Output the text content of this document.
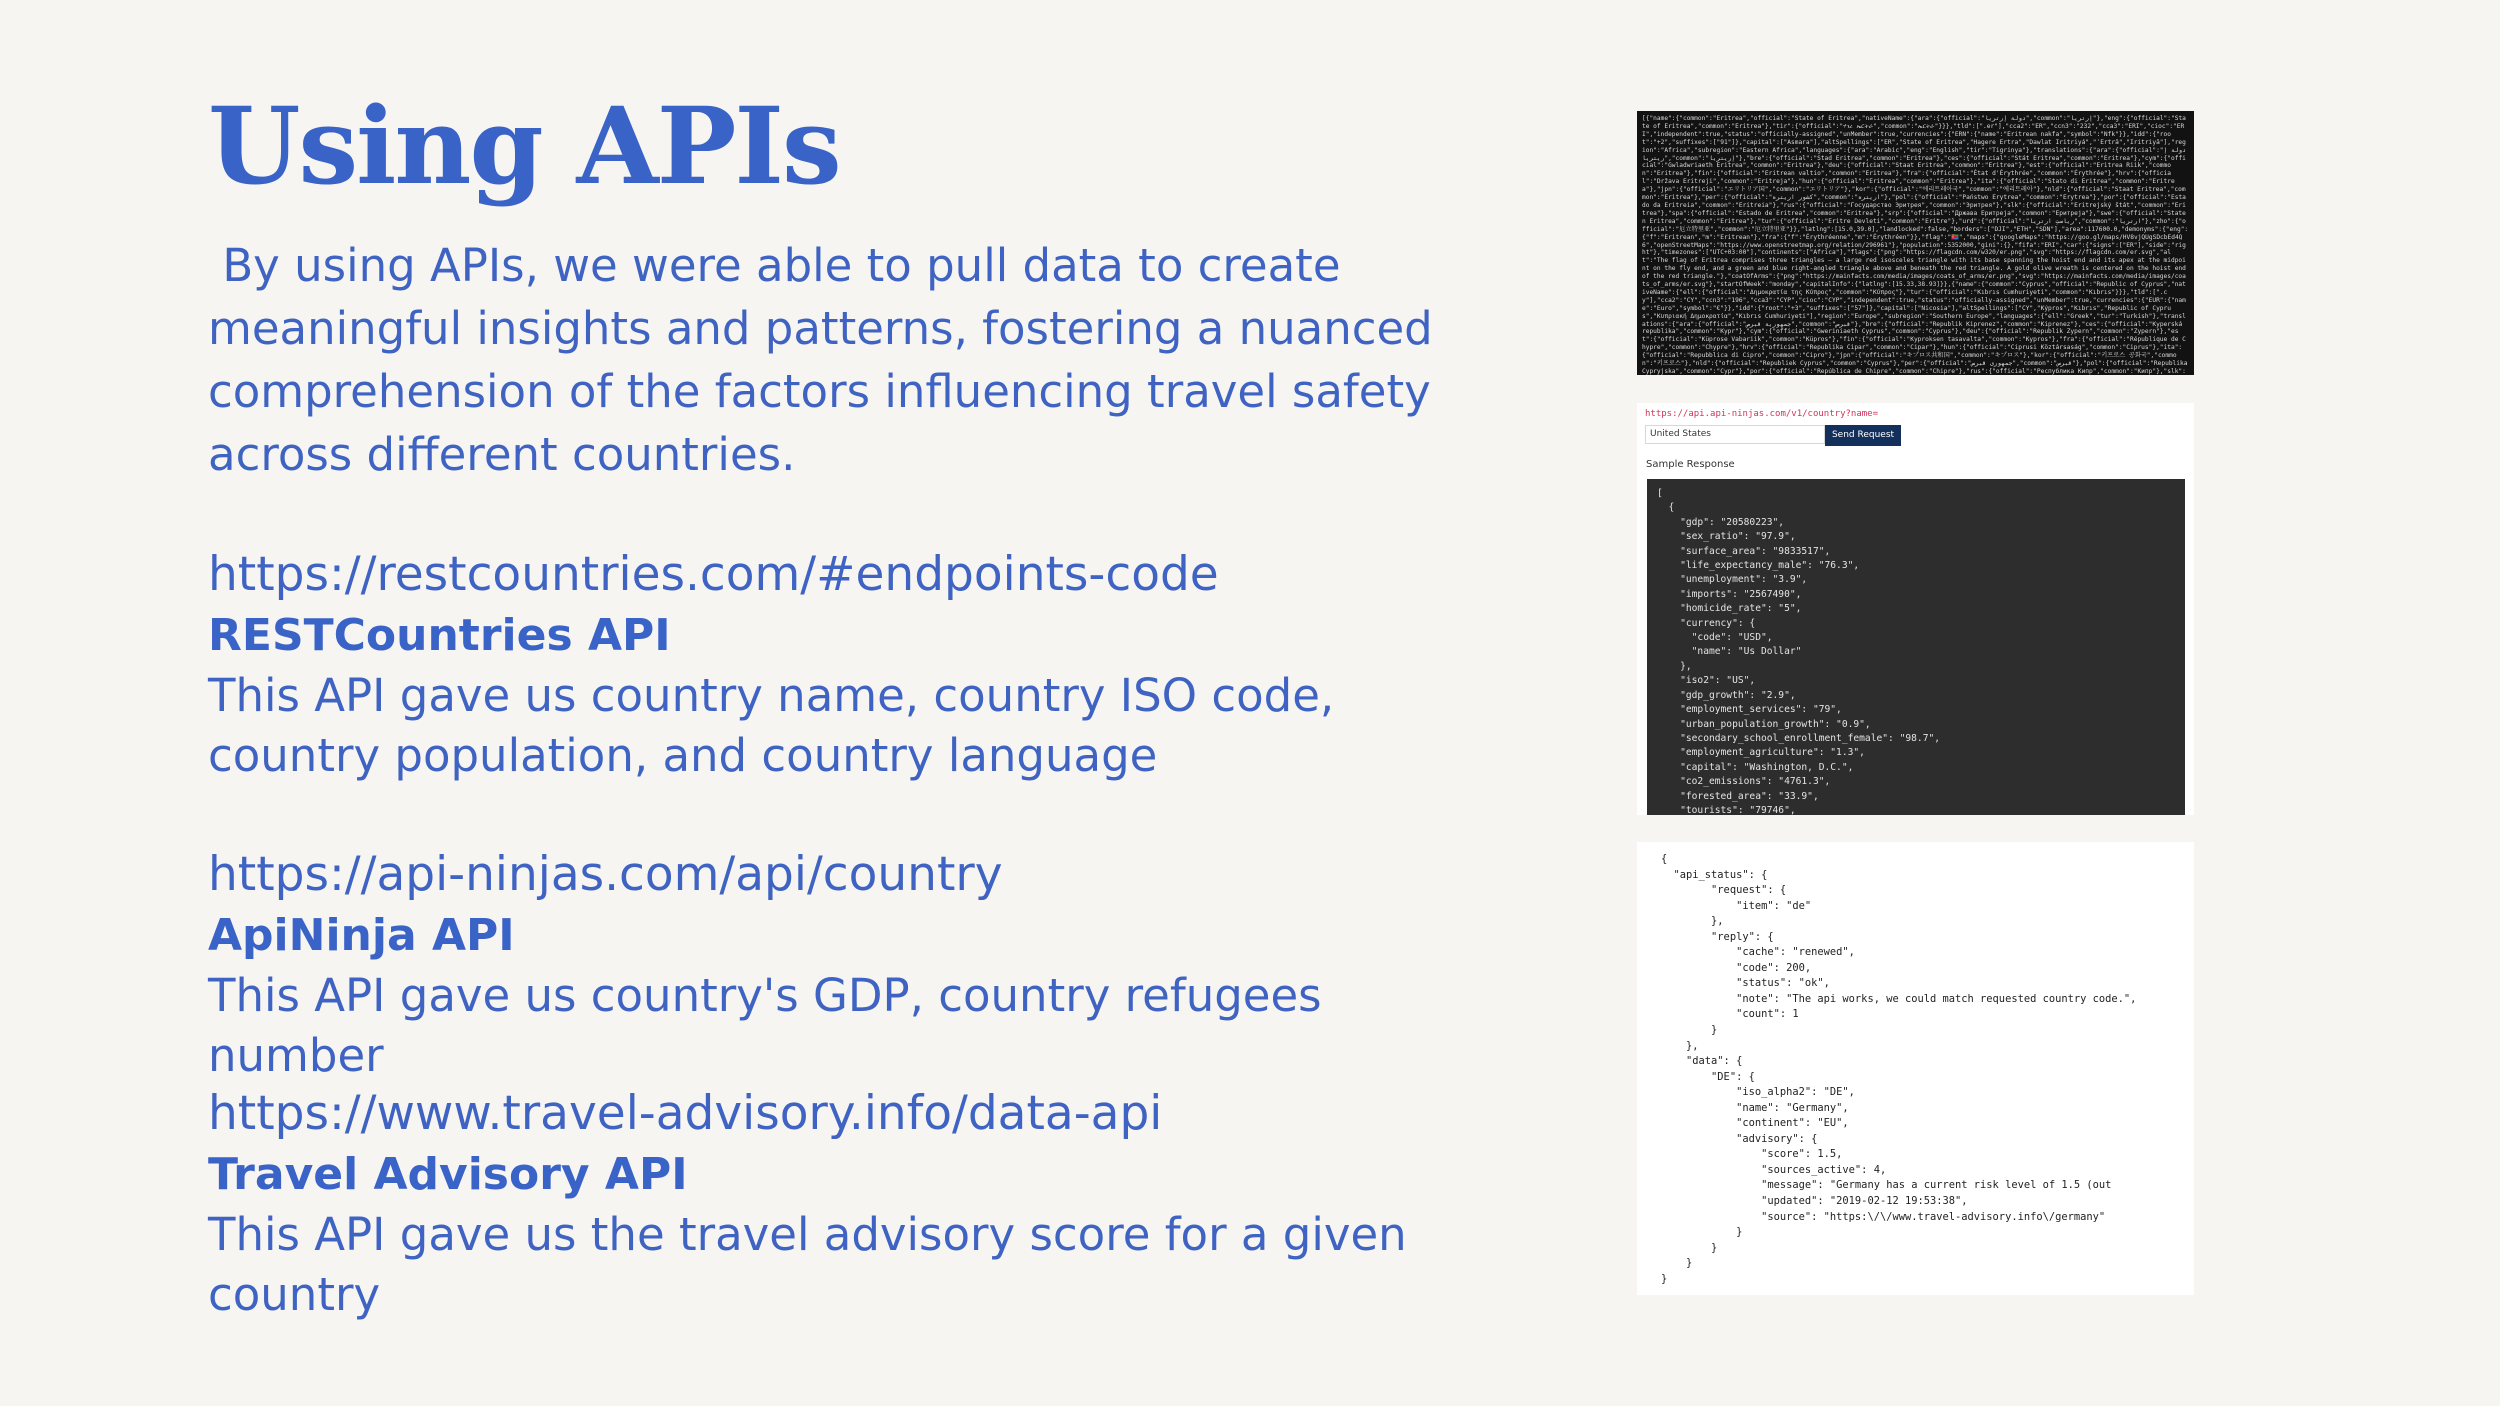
Using APIs

By using APIs, we were able to pull data to create meaningful insights and patterns, fostering a nuanced comprehension of the factors influencing travel safety across different countries.

https://restcountries.com/#endpoints-code
RESTCountries API
This API gave us country name, country ISO code, country population, and country language
https://api-ninjas.com/api/country
ApiNinja API
This API gave us country's GDP, country refugees number
https://www.travel-advisory.info/data-api
Travel Advisory API
This API gave us the travel advisory score for a given country
[{"name":{"common":"Eritrea","official":"State of Eritrea","nativeName":{"ara":{"official":"دولة إرتريا","common":"إرتريا"},"eng":{"official":"State of Eritrea","common":"Eritrea"},"tir":{"official":"ሃገረ ኤርትራ","common":"ኤርትራ"}}},"tld":[".er"],"cca2":"ER","ccn3":"232","cca3":"ERI","cioc":"ERI","independent":true,"status":"officially-assigned","unMember":true,"currencies":{"ERN":{"name":"Eritrean nakfa","symbol":"Nfk"}},"idd":{"root":"+2","suffixes":["91"]},"capital":["Asmara"],"altSpellings":["ER","State of Eritrea","Hagere Ertra","Dawlat Iritriyá","ʾErtrā","Iritriyā"],"region":"Africa","subregion":"Eastern Africa","languages":{"ara":"Arabic","eng":"English","tir":"Tigrinya"},"translations":{"ara":{"official":"دولة إريتريا","common":"إريتريا"},"bre":{"official":"Stad Eritrea","common":"Eritrea"},"ces":{"official":"Stát Eritrea","common":"Eritrea"},"cym":{"official":"Gwladwriaeth Eritrea","common":"Eritrea"},"deu":{"official":"Staat Eritrea","common":"Eritrea"},"est":{"official":"Eritrea Riik","common":"Eritrea"},"fin":{"official":"Eritrean valtio","common":"Eritrea"},"fra":{"official":"État d'Érythrée","common":"Érythrée"},"hrv":{"official":"Država Eritreji","common":"Eritreja"},"hun":{"official":"Eritrea","common":"Eritrea"},"ita":{"official":"Stato di Eritrea","common":"Eritrea"},"jpn":{"official":"エリトリア国","common":"エリトリア"},"kor":{"official":"에리트레아국","common":"에리트레아"},"nld":{"official":"Staat Eritrea","common":"Eritrea"},"per":{"official":"کشور اریتره","common":"اریتره"},"pol":{"official":"Państwo Erytrea","common":"Erytrea"},"por":{"official":"Estado da Eritreia","common":"Eritreia"},"rus":{"official":"Государство Эритрея","common":"Эритрея"},"slk":{"official":"Eritrejský štát","common":"Eritrea"},"spa":{"official":"Estado de Eritrea","common":"Eritrea"},"srp":{"official":"Држава Еритреја","common":"Еритреја"},"swe":{"official":"Staten Eritrea","common":"Eritrea"},"tur":{"official":"Eritre Devleti","common":"Eritre"},"urd":{"official":"ریاستِ ارتریا","common":"ارتریا"},"zho":{"official":"厄立特里亚","common":"厄立特里亚"}},"latlng":[15.0,39.0],"landlocked":false,"borders":["DJI","ETH","SDN"],"area":117600.0,"demonyms":{"eng":{"f":"Eritrean","m":"Eritrean"},"fra":{"f":"Érythréenne","m":"Érythréen"}},"flag":"🇪🇷","maps":{"googleMaps":"https://goo.gl/maps/HV8vjQUgSDcbEd4Q6","openStreetMaps":"https://www.openstreetmap.org/relation/296961"},"population":5352000,"gini":{},"fifa":"ERI","car":{"signs":["ER"],"side":"right"},"timezones":["UTC+03:00"],"continents":["Africa"],"flags":{"png":"https://flagcdn.com/w320/er.png","svg":"https://flagcdn.com/er.svg","alt":"The flag of Eritrea comprises three triangles — a large red isosceles triangle with its base spanning the hoist end and its apex at the midpoint on the fly end, and a green and blue right-angled triangle above and beneath the red triangle. A gold olive wreath is centered on the hoist end of the red triangle."},"coatOfArms":{"png":"https://mainfacts.com/media/images/coats_of_arms/er.png","svg":"https://mainfacts.com/media/images/coats_of_arms/er.svg"},"startOfWeek":"monday","capitalInfo":{"latlng":[15.33,38.93]}},{"name":{"common":"Cyprus","official":"Republic of Cyprus","nativeName":{"ell":{"official":"Δημοκρατία της Κύπρος","common":"Κύπρος"},"tur":{"official":"Kıbrıs Cumhuriyeti","common":"Kıbrıs"}}},"tld":[".cy"],"cca2":"CY","ccn3":"196","cca3":"CYP","cioc":"CYP","independent":true,"status":"officially-assigned","unMember":true,"currencies":{"EUR":{"name":"Euro","symbol":"€"}},"idd":{"root":"+3","suffixes":["57"]},"capital":["Nicosia"],"altSpellings":["CY","Kýpros","Kıbrıs","Republic of Cyprus","Κυπριακή Δημοκρατία","Kıbrıs Cumhuriyeti"],"region":"Europe","subregion":"Southern Europe","languages":{"ell":"Greek","tur":"Turkish"},"translations":{"ara":{"official":"جمهورية قبرص","common":"قبرص"},"bre":{"official":"Republik Kiprenez","common":"Kiprenez"},"ces":{"official":"Kyperská republika","common":"Kypr"},"cym":{"official":"Gweriniaeth Cyprus","common":"Cyprus"},"deu":{"official":"Republik Zypern","common":"Zypern"},"est":{"official":"Küprose Vabariik","common":"Küpros"},"fin":{"official":"Kyproksen tasavalta","common":"Kypros"},"fra":{"official":"République de Chypre","common":"Chypre"},"hrv":{"official":"Republika Cipar","common":"Cipar"},"hun":{"official":"Ciprusi Köztársaság","common":"Ciprus"},"ita":{"official":"Repubblica di Cipro","common":"Cipro"},"jpn":{"official":"キプロス共和国","common":"キプロス"},"kor":{"official":"키프로스 공화국","common":"키프로스"},"nld":{"official":"Republiek Cyprus","common":"Cyprus"},"per":{"official":"جمهوری قبرس","common":"قبرس"},"pol":{"official":"Republika Cypryjska","common":"Cypr"},"por":{"official":"República de Chipre","common":"Chipre"},"rus":{"official":"Республика Кипр","common":"Кипр"},"slk":
https://api.api-ninjas.com/v1/country?name=
United States	Send Request
Sample Response
[
{
"gdp": "20580223",
"sex_ratio": "97.9",
"surface_area": "9833517",
"life_expectancy_male": "76.3",
"unemployment": "3.9",
"imports": "2567490",
"homicide_rate": "5",
"currency": {
"code": "USD",
"name": "Us Dollar"
},
"iso2": "US",
"gdp_growth": "2.9",
"employment_services": "79",
"urban_population_growth": "0.9",
"secondary_school_enrollment_female": "98.7",
"employment_agriculture": "1.3",
"capital": "Washington, D.C.",
"co2_emissions": "4761.3",
"forested_area": "33.9",
"tourists": "79746",
{
"api_status": {
"request": {
"item": "de"
},
"reply": {
"cache": "renewed",
"code": 200,
"status": "ok",
"note": "The api works, we could match requested country code.",
"count": 1
}
},
"data": {
"DE": {
"iso_alpha2": "DE",
"name": "Germany",
"continent": "EU",
"advisory": {
"score": 1.5,
"sources_active": 4,
"message": "Germany has a current risk level of 1.5 (out
"updated": "2019-02-12 19:53:38",
"source": "https:\/\/www.travel-advisory.info\/germany"
}
}
}
}
